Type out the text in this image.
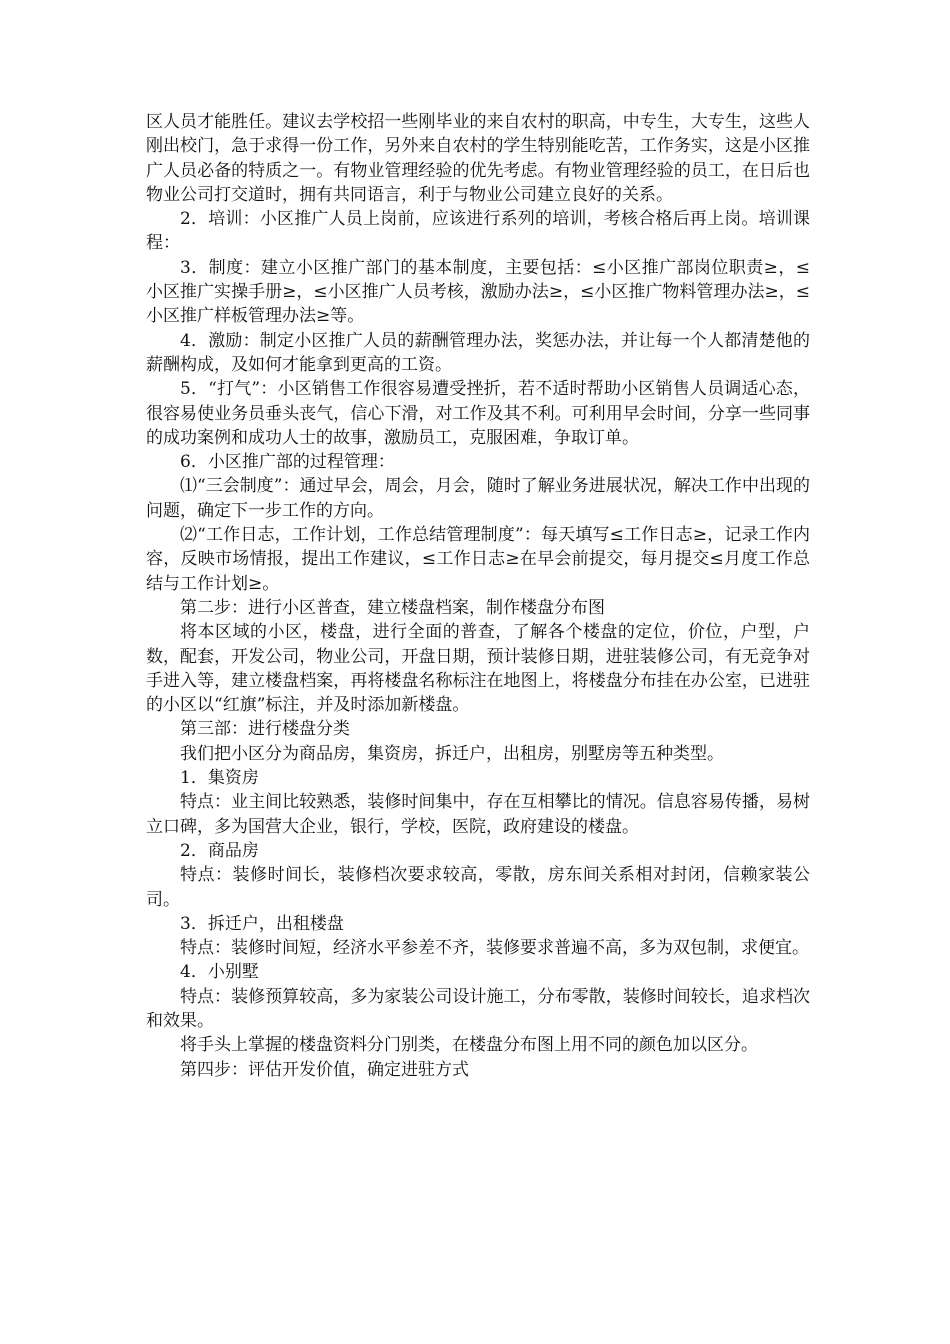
区人员才能胜任。建议去学校招一些刚毕业的来自农村的职高，中专生，大专生，这些人刚出校门，急于求得一份工作，另外来自农村的学生特别能吃苦，工作务实，这是小区推广人员必备的特质之一。有物业管理经验的优先考虑。有物业管理经验的员工，在日后也物业公司打交道时，拥有共同语言，利于与物业公司建立良好的关系。

2．培训：小区推广人员上岗前，应该进行系列的培训，考核合格后再上岗。培训课程：

3．制度：建立小区推广部门的基本制度，主要包括：≤小区推广部岗位职责≥，≤小区推广实操手册≥，≤小区推广人员考核，激励办法≥，≤小区推广物料管理办法≥，≤小区推广样板管理办法≥等。

4．激励：制定小区推广人员的薪酬管理办法，奖惩办法，并让每一个人都清楚他的薪酬构成，及如何才能拿到更高的工资。

5．“打气”：小区销售工作很容易遭受挫折，若不适时帮助小区销售人员调适心态，很容易使业务员垂头丧气，信心下滑，对工作及其不利。可利用早会时间，分享一些同事的成功案例和成功人士的故事，激励员工，克服困难，争取订单。

6．小区推广部的过程管理：

⑴“三会制度”：通过早会，周会，月会，随时了解业务进展状况，解决工作中出现的问题，确定下一步工作的方向。

⑵“工作日志，工作计划，工作总结管理制度”：每天填写≤工作日志≥，记录工作内容，反映市场情报，提出工作建议，≤工作日志≥在早会前提交，每月提交≤月度工作总结与工作计划≥。

第二步：进行小区普查，建立楼盘档案，制作楼盘分布图

将本区域的小区，楼盘，进行全面的普查，了解各个楼盘的定位，价位，户型，户数，配套，开发公司，物业公司，开盘日期，预计装修日期，进驻装修公司，有无竞争对手进入等，建立楼盘档案，再将楼盘名称标注在地图上，将楼盘分布挂在办公室，已进驻的小区以“红旗”标注，并及时添加新楼盘。

第三部：进行楼盘分类

我们把小区分为商品房，集资房，拆迁户，出租房，别墅房等五种类型。

1．集资房

特点：业主间比较熟悉，装修时间集中，存在互相攀比的情况。信息容易传播，易树立口碑，多为国营大企业，银行，学校，医院，政府建设的楼盘。

2．商品房

特点：装修时间长，装修档次要求较高，零散，房东间关系相对封闭，信赖家装公司。

3．拆迁户，出租楼盘

特点：装修时间短，经济水平参差不齐，装修要求普遍不高，多为双包制，求便宜。

4．小别墅

特点：装修预算较高，多为家装公司设计施工，分布零散，装修时间较长，追求档次和效果。

将手头上掌握的楼盘资料分门别类，在楼盘分布图上用不同的颜色加以区分。

第四步：评估开发价值，确定进驻方式
